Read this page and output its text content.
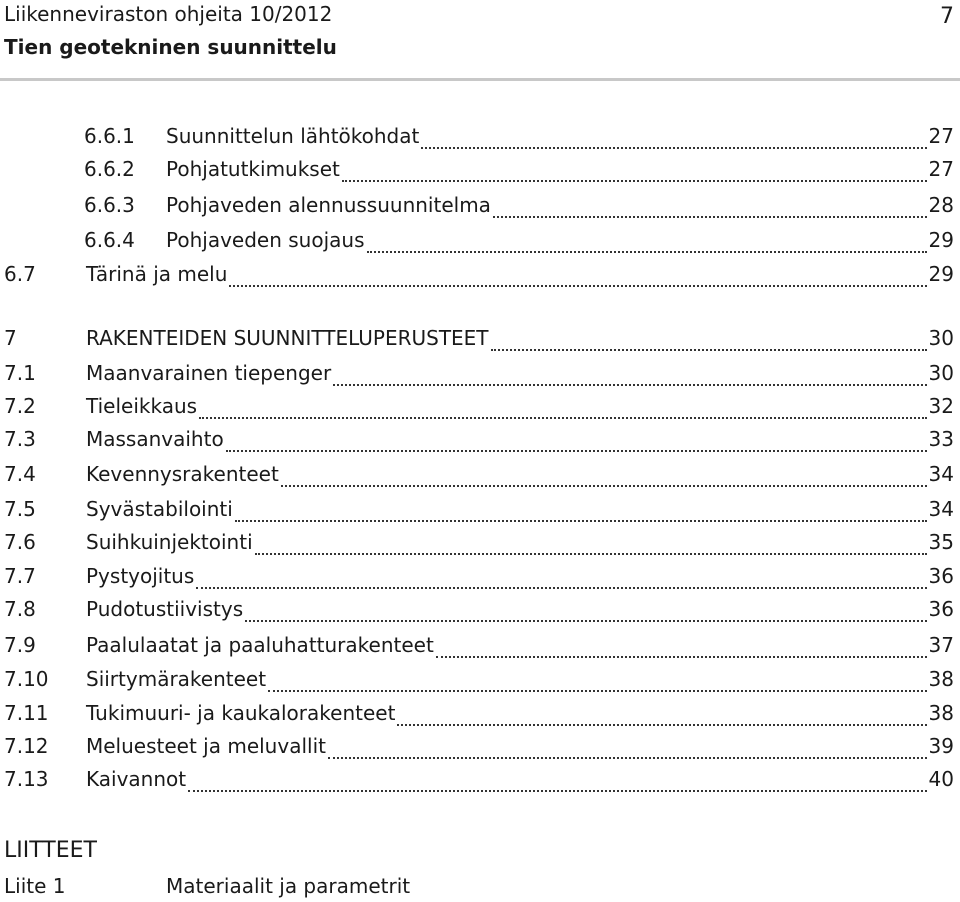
Liikenneviraston ohjeita 10/2012
Tien geotekninen suunnittelu
7
6.6.1	Suunnittelun lähtökohdat	27
6.6.2	Pohjatutkimukset	27
6.6.3	Pohjaveden alennussuunnitelma	28
6.6.4	Pohjaveden suojaus	29
6.7	Tärinä ja melu	29
7	RAKENTEIDEN SUUNNITTELUPERUSTEET	30
7.1	Maanvarainen tiepenger	30
7.2	Tieleikkaus	32
7.3	Massanvaihto	33
7.4	Kevennysrakenteet	34
7.5	Syvästabilointi	34
7.6	Suihkuinjektointi	35
7.7	Pystyojitus	36
7.8	Pudotustiivistys	36
7.9	Paalulaatat ja paaluhatturakenteet	37
7.10	Siirtymärakenteet	38
7.11	Tukimuuri- ja kaukalorakenteet	38
7.12	Meluesteet ja meluvallit	39
7.13	Kaivannot	40
LIITTEET
Liite 1	Materiaalit ja parametrit
